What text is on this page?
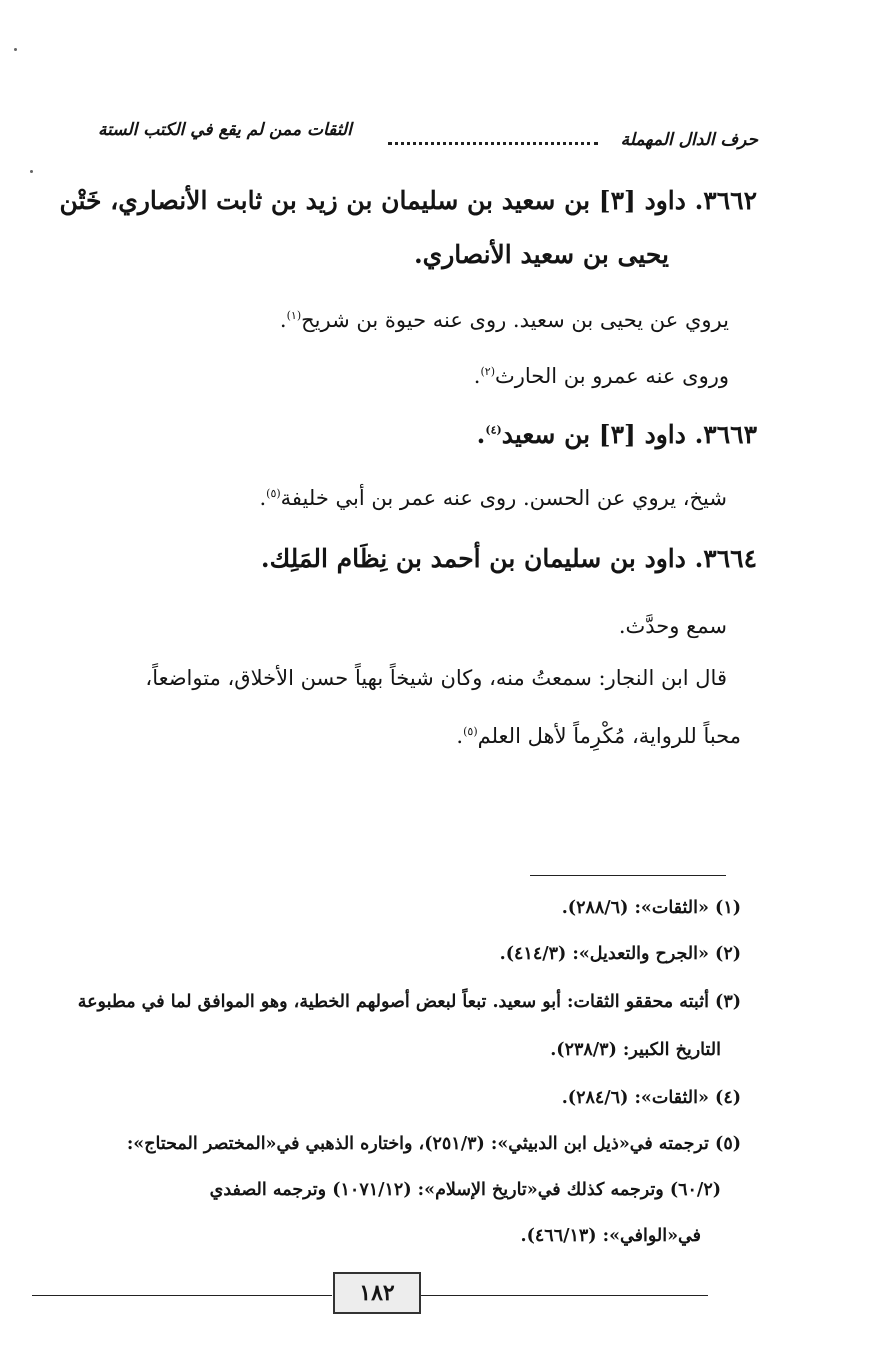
حرف الدال المهملة
الثقات ممن لم يقع في الكتب الستة
٣٦٦٢. داود [٣] بن سعيد بن سليمان بن زيد بن ثابت الأنصاري، خَتْن
يحيى بن سعيد الأنصاري.
يروي عن يحيى بن سعيد. روى عنه حيوة بن شريح$^{(١)}$.
وروى عنه عمرو بن الحارث$^{(٢)}$.
٣٦٦٣. داود [٣] بن سعيد$^{(٤)}$.
شيخ، يروي عن الحسن. روى عنه عمر بن أبي خليفة$^{(٥)}$.
٣٦٦٤. داود بن سليمان بن أحمد بن نِظَام المَلِك.
سمع وحدَّث.
قال ابن النجار: سمعتُ منه، وكان شيخاً بهياً حسن الأخلاق، متواضعاً،
محباً للرواية، مُكْرِماً لأهل العلم$^{(٥)}$.
(١) «الثقات»: (٢٨٨/٦).
(٢) «الجرح والتعديل»: (٤١٤/٣).
(٣) أثبته محققو الثقات: أبو سعيد. تبعاً لبعض أصولهم الخطية، وهو الموافق لما في مطبوعة
التاريخ الكبير: (٢٣٨/٣).
(٤) «الثقات»: (٢٨٤/٦).
(٥) ترجمته في«ذيل ابن الدبيثي»: (٢٥١/٣)، واختاره الذهبي في«المختصر المحتاج»:
(٦٠/٢) وترجمه كذلك في«تاريخ الإسلام»: (١٠٧١/١٢) وترجمه الصفدي
في«الوافي»: (٤٦٦/١٣).
١٨٢
